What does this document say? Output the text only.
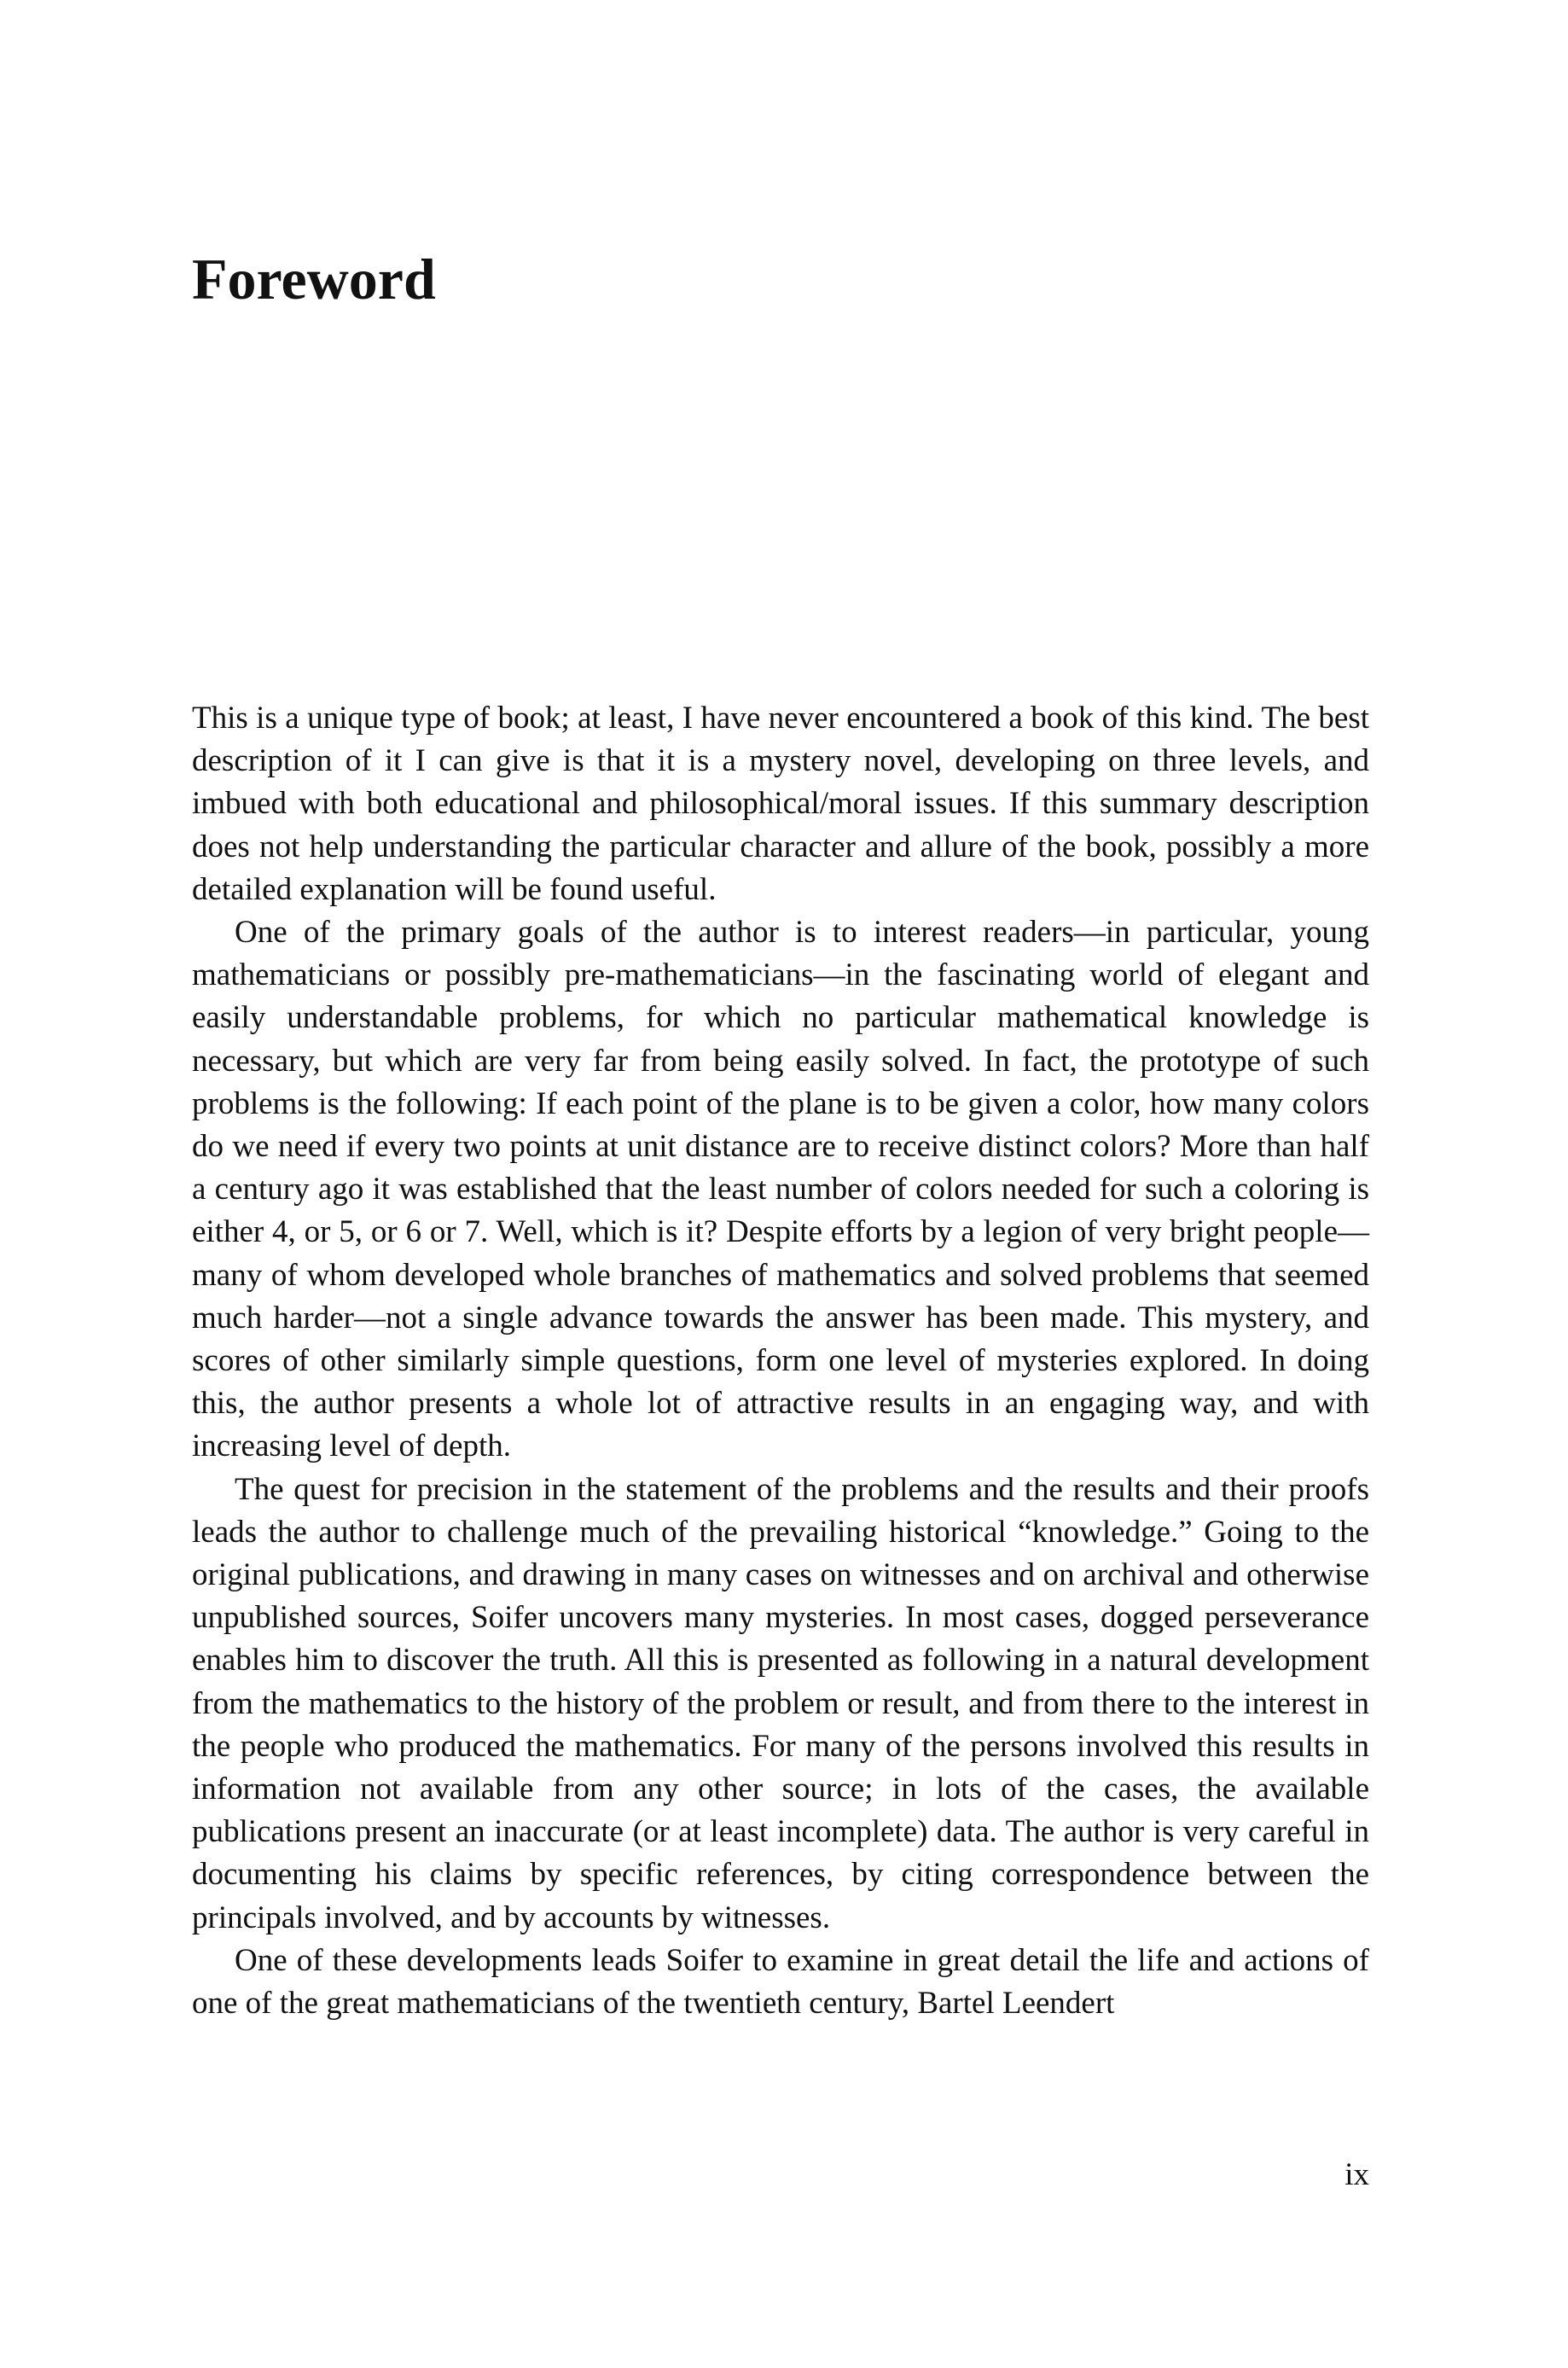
Foreword

This is a unique type of book; at least, I have never encountered a book of this kind. The best description of it I can give is that it is a mystery novel, developing on three levels, and imbued with both educational and philosophical/moral issues. If this summary description does not help understanding the particular character and allure of the book, possibly a more detailed explanation will be found useful.

One of the primary goals of the author is to interest readers—in particular, young mathematicians or possibly pre-mathematicians—in the fascinating world of elegant and easily understandable problems, for which no particular mathematical knowledge is necessary, but which are very far from being easily solved. In fact, the prototype of such problems is the following: If each point of the plane is to be given a color, how many colors do we need if every two points at unit distance are to receive distinct colors? More than half a century ago it was established that the least number of colors needed for such a coloring is either 4, or 5, or 6 or 7. Well, which is it? Despite efforts by a legion of very bright people—many of whom developed whole branches of mathematics and solved problems that seemed much harder—not a single advance towards the answer has been made. This mystery, and scores of other similarly simple questions, form one level of mysteries explored. In doing this, the author presents a whole lot of attractive results in an engaging way, and with increasing level of depth.

The quest for precision in the statement of the problems and the results and their proofs leads the author to challenge much of the prevailing historical “knowledge.” Going to the original publications, and drawing in many cases on witnesses and on archival and otherwise unpublished sources, Soifer uncovers many mysteries. In most cases, dogged perseverance enables him to discover the truth. All this is presented as following in a natural development from the mathematics to the history of the problem or result, and from there to the interest in the people who produced the mathematics. For many of the persons involved this results in information not available from any other source; in lots of the cases, the available publications present an inaccurate (or at least incomplete) data. The author is very careful in documenting his claims by specific references, by citing correspondence between the principals involved, and by accounts by witnesses.

One of these developments leads Soifer to examine in great detail the life and actions of one of the great mathematicians of the twentieth century, Bartel Leendert

ix
